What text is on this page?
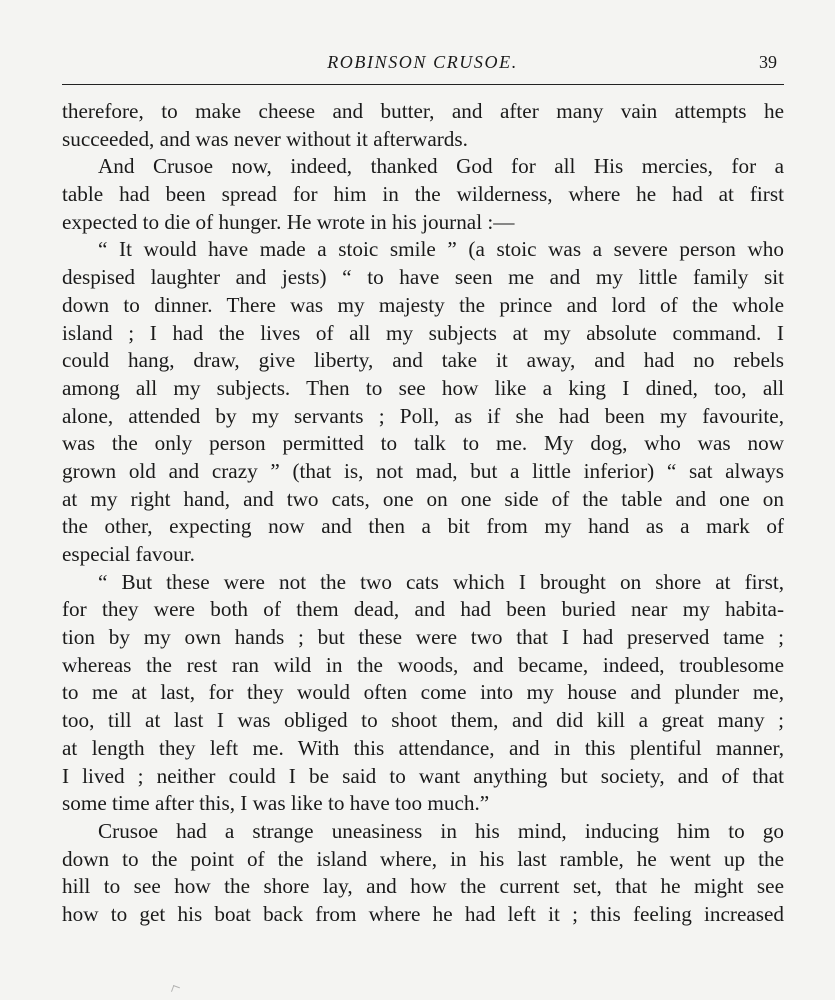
ROBINSON CRUSOE.	39
therefore, to make cheese and butter, and after many vain attempts he
succeeded, and was never without it afterwards.
And Crusoe now, indeed, thanked God for all His mercies, for a
table had been spread for him in the wilderness, where he had at first
expected to die of hunger. He wrote in his journal :—
“ It would have made a stoic smile ” (a stoic was a severe person who
despised laughter and jests) “ to have seen me and my little family sit
down to dinner. There was my majesty the prince and lord of the whole
island ; I had the lives of all my subjects at my absolute command. I
could hang, draw, give liberty, and take it away, and had no rebels
among all my subjects. Then to see how like a king I dined, too, all
alone, attended by my servants ; Poll, as if she had been my favourite,
was the only person permitted to talk to me. My dog, who was now
grown old and crazy ” (that is, not mad, but a little inferior) “ sat always
at my right hand, and two cats, one on one side of the table and one on
the other, expecting now and then a bit from my hand as a mark of
especial favour.
“ But these were not the two cats which I brought on shore at first,
for they were both of them dead, and had been buried near my habita-
tion by my own hands ; but these were two that I had preserved tame ;
whereas the rest ran wild in the woods, and became, indeed, troublesome
to me at last, for they would often come into my house and plunder me,
too, till at last I was obliged to shoot them, and did kill a great many ;
at length they left me. With this attendance, and in this plentiful manner,
I lived ; neither could I be said to want anything but society, and of that
some time after this, I was like to have too much.”
Crusoe had a strange uneasiness in his mind, inducing him to go
down to the point of the island where, in his last ramble, he went up the
hill to see how the shore lay, and how the current set, that he might see
how to get his boat back from where he had left it ; this feeling increased
